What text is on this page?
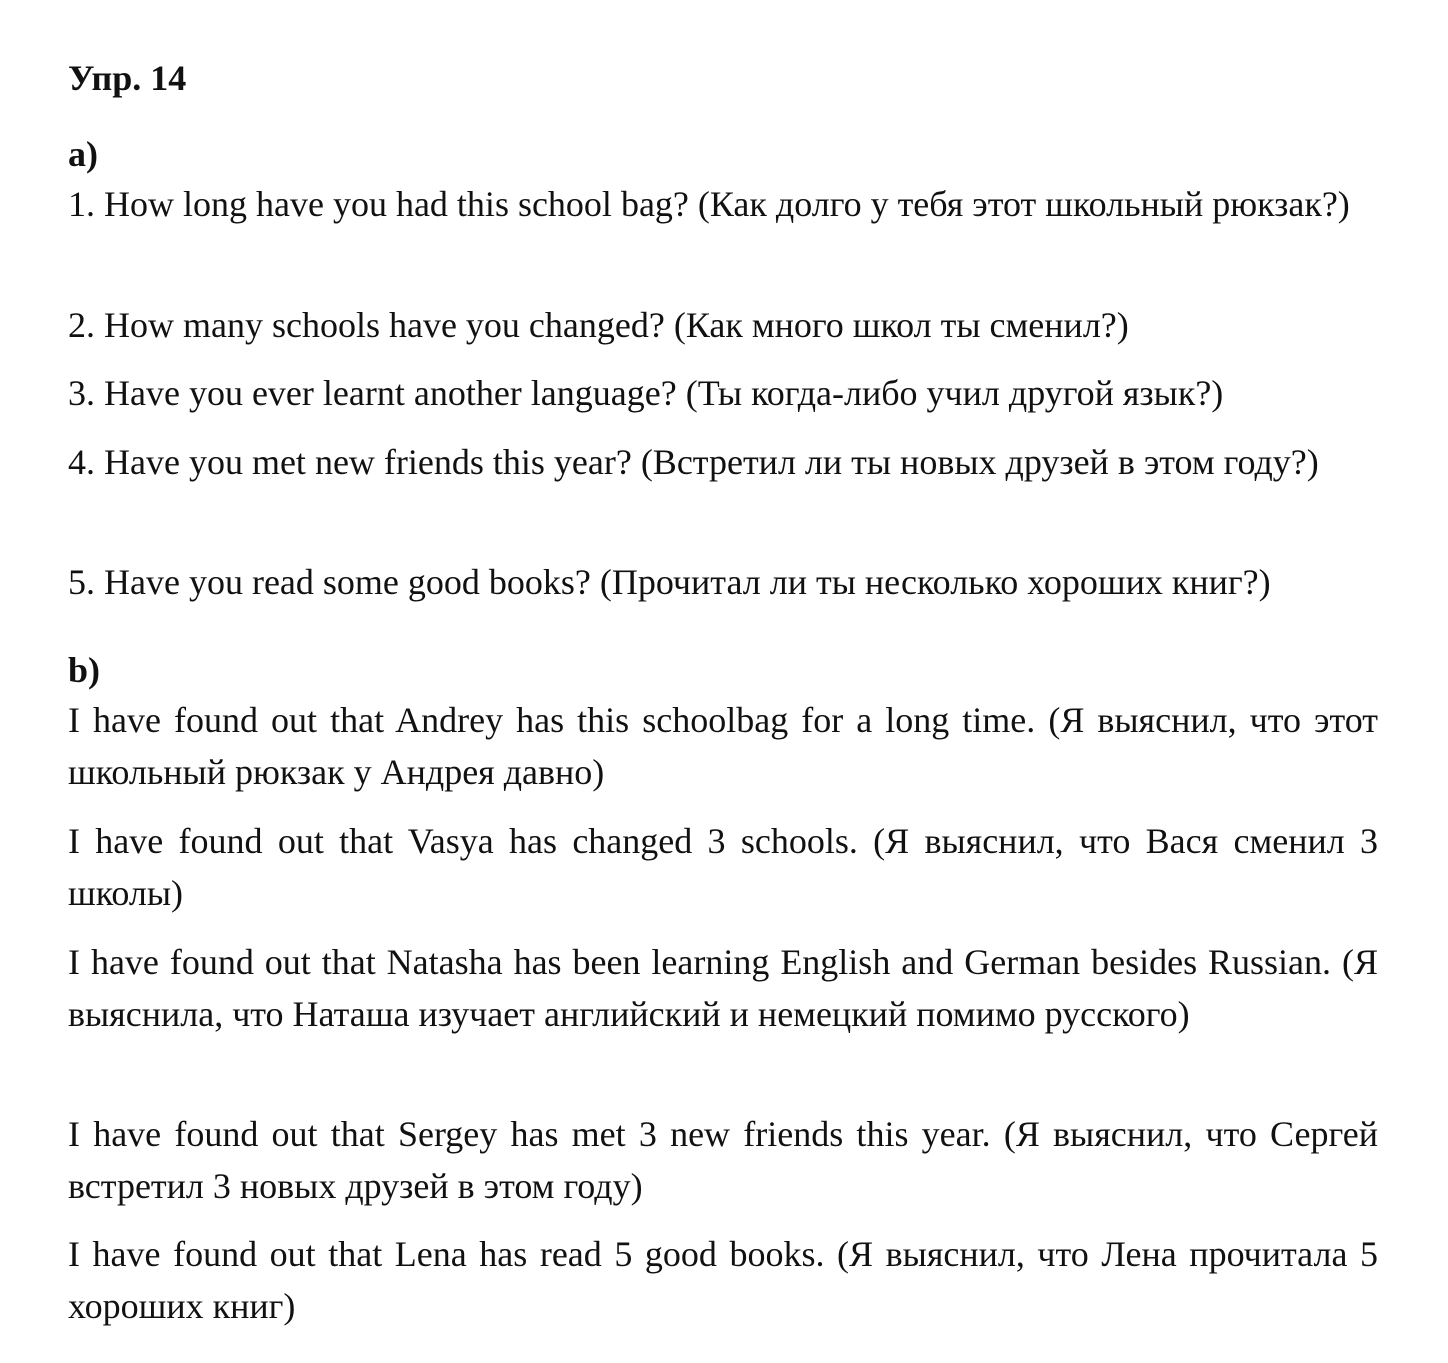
Упр. 14
а)

1. How long have you had this school bag? (Как долго у тебя этот школьный рюкзак?)

2. How many schools have you changed? (Как много школ ты сменил?)

3. Have you ever learnt another language? (Ты когда-либо учил другой язык?)

4. Have you met new friends this year? (Встретил ли ты новых друзей в этом году?)

5. Have you read some good books? (Прочитал ли ты несколько хороших книг?)

b)

I have found out that Andrey has this schoolbag for a long time. (Я выяснил, что этот школьный рюкзак у Андрея давно)

I have found out that Vasya has changed 3 schools. (Я выяснил, что Вася сменил 3 школы)

I have found out that Natasha has been learning English and German besides Russian. (Я выяснила, что Наташа изучает английский и немецкий помимо русского)

I have found out that Sergey has met 3 new friends this year. (Я выяснил, что Сергей встретил 3 новых друзей в этом году)

I have found out that Lena has read 5 good books. (Я выяснил, что Лена прочитала 5 хороших книг)
